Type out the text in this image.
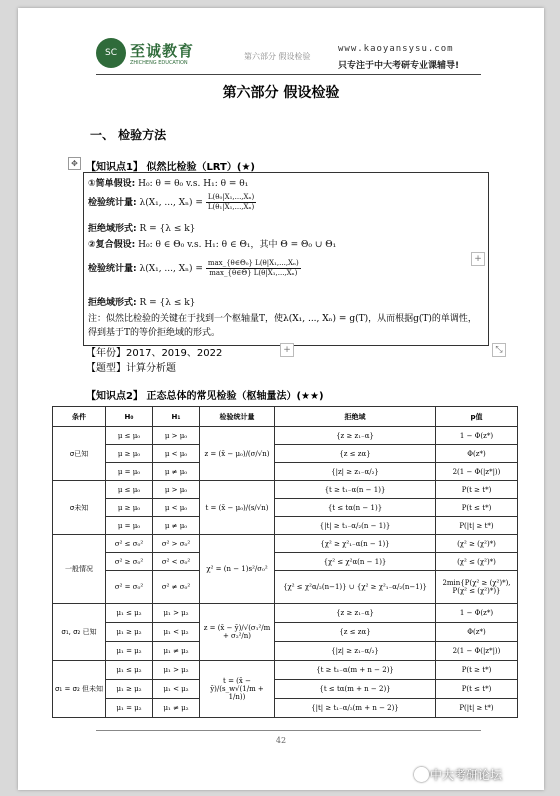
SC 至诚教育
ZHICHENG EDUCATION
第六部分 假设检验
www.kaoyansysu.com
只专注于中大考研专业课辅导!
第六部分 假设检验
一、 检验方法
✥ 【知识点1】 似然比检验（LRT）(★)
①简单假设: H₀: θ = θ₀ v.s. H₁: θ = θ₁
检验统计量: λ(X₁, ..., $X_n) = \frac{\text{L(θ₀|X₁,...,Xₙ)}}{\text{L(θ₁|X₁,...,Xₙ)}}$
拒绝域形式: R = {λ ≤ k}
②复合假设: H₀: θ ∈ Θ₀ v.s. H₁: θ ∈ Θ₁，其中 Θ = Θ₀ ∪ Θ₁
检验统计量: λ(X₁, ..., $X_n) = \frac{\text{max\_\{θ∈Θ₀\} L(θ|X₁,...,Xₙ)}}{\text{max\_\{θ∈Θ\} L(θ|X₁,...,Xₙ)}}$
拒绝域形式: R = {λ ≤ k}
注：似然比检验的关键在于找到一个枢轴量T，使λ(X₁, ..., Xₙ) = g(T)，从而根据g(T)的单调性，得到基于T的等价拒绝域的形式。
+
+	⤡
【年份】2017、2019、2022
【题型】计算分析题
【知识点2】 正态总体的常见检验（枢轴量法）(★★)
条件	H₀	H₁	检验统计量	拒绝域	p值
σ已知	μ ≤ μ₀	μ > μ₀	z = (x̄ − μ₀)/(σ/√n)	{z ≥ z₁₋α}	1 − Φ(z*)
	μ ≥ μ₀	μ < μ₀		{z ≤ zα}	Φ(z*)
	μ = μ₀	μ ≠ μ₀		{|z| ≥ z₁₋α/₂}	2(1 − Φ(|z*|))
σ未知	μ ≤ μ₀	μ > μ₀	t = (x̄ − μ₀)/(s/√n)	{t ≥ t₁₋α(n − 1)}	P(t ≥ t*)
	μ ≥ μ₀	μ < μ₀		{t ≤ tα(n − 1)}	P(t ≤ t*)
	μ = μ₀	μ ≠ μ₀		{|t| ≥ t₁₋α/₂(n − 1)}	P(|t| ≥ t*)
一般情况	σ² ≤ σ₀²	σ² > σ₀²	χ² = (n − 1)s²/σ₀²	{χ² ≥ χ²₁₋α(n − 1)}	(χ² ≥ (χ²)*)
	σ² ≥ σ₀²	σ² < σ₀²		{χ² ≤ χ²α(n − 1)}	(χ² ≤ (χ²)*)
	σ² = σ₀²	σ² ≠ σ₀²		{χ² ≤ χ²α/₂(n−1)} ∪ {χ² ≥ χ²₁₋α/₂(n−1)}	2min{P(χ² ≥ (χ²)*), P(χ² ≤ (χ²)*)}
σ₁, σ₂ 已知	μ₁ ≤ μ₂	μ₁ > μ₂	z = (x̄ − ȳ)/√(σ₁²/m + σ₂²/n)	{z ≥ z₁₋α}	1 − Φ(z*)
	μ₁ ≥ μ₂	μ₁ < μ₂		{z ≤ zα}	Φ(z*)
	μ₁ = μ₂	μ₁ ≠ μ₂		{|z| ≥ z₁₋α/₂}	2(1 − Φ(|z*|))
σ₁ = σ₂ 但未知	μ₁ ≤ μ₂	μ₁ > μ₂	t = (x̄ − ȳ)/(s_w√(1/m + 1/n))	{t ≥ t₁₋α(m + n − 2)}	P(t ≥ t*)
	μ₁ ≥ μ₂	μ₁ < μ₂		{t ≤ tα(m + n − 2)}	P(t ≤ t*)
	μ₁ = μ₂	μ₁ ≠ μ₂		{|t| ≥ t₁₋α/₂(m + n − 2)}	P(|t| ≥ t*)
42
中大考研论坛
